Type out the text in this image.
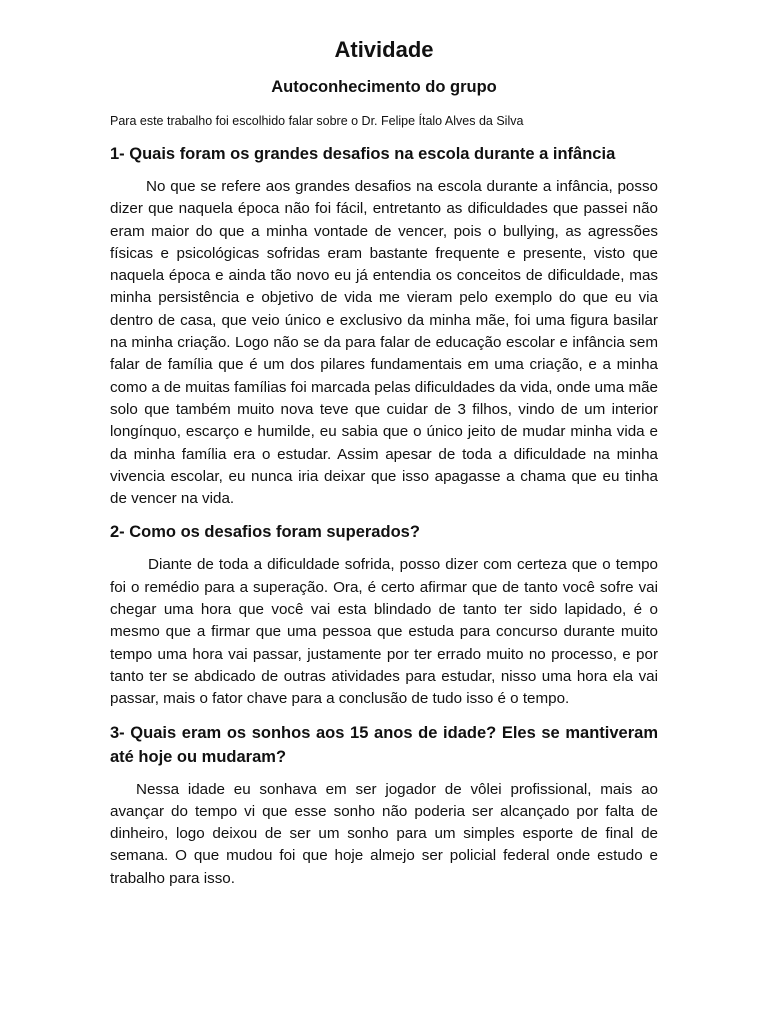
Atividade
Autoconhecimento do grupo

Para este trabalho foi escolhido falar sobre o Dr. Felipe Ítalo Alves da Silva

1- Quais foram os grandes desafios na escola durante a infância

No que se refere aos grandes desafios na escola durante a infância, posso dizer que naquela época não foi fácil, entretanto as dificuldades que passei não eram maior do que a minha vontade de vencer, pois o bullying, as agressões físicas e psicológicas sofridas eram bastante frequente e presente, visto que naquela época e ainda tão novo eu já entendia os conceitos de dificuldade, mas minha persistência e objetivo de vida me vieram pelo exemplo do que eu via dentro de casa, que veio único e exclusivo da minha mãe, foi uma figura basilar na minha criação. Logo não se da para falar de educação escolar e infância sem falar de família que é um dos pilares fundamentais em uma criação, e a minha como a de muitas famílias foi marcada pelas dificuldades da vida, onde uma mãe solo que também muito nova teve que cuidar de 3 filhos, vindo de um interior longínquo, escarço e humilde, eu sabia que o único jeito de mudar minha vida e da minha família era o estudar. Assim apesar de toda a dificuldade na minha vivencia escolar, eu nunca iria deixar que isso apagasse a chama que eu tinha de vencer na vida.

2- Como os desafios foram superados?

Diante de toda a dificuldade sofrida, posso dizer com certeza que o tempo foi o remédio para a superação. Ora, é certo afirmar que de tanto você sofre vai chegar uma hora que você vai esta blindado de tanto ter sido lapidado, é o mesmo que a firmar que uma pessoa que estuda para concurso durante muito tempo uma hora vai passar, justamente por ter errado muito no processo, e por tanto ter se abdicado de outras atividades para estudar, nisso uma hora ela vai passar, mais o fator chave para a conclusão de tudo isso é o tempo.

3- Quais eram os sonhos aos 15 anos de idade? Eles se mantiveram até hoje ou mudaram?

Nessa idade eu sonhava em ser jogador de vôlei profissional, mais ao avançar do tempo vi que esse sonho não poderia ser alcançado por falta de dinheiro, logo deixou de ser um sonho para um simples esporte de final de semana. O que mudou foi que hoje almejo ser policial federal onde estudo e trabalho para isso.
